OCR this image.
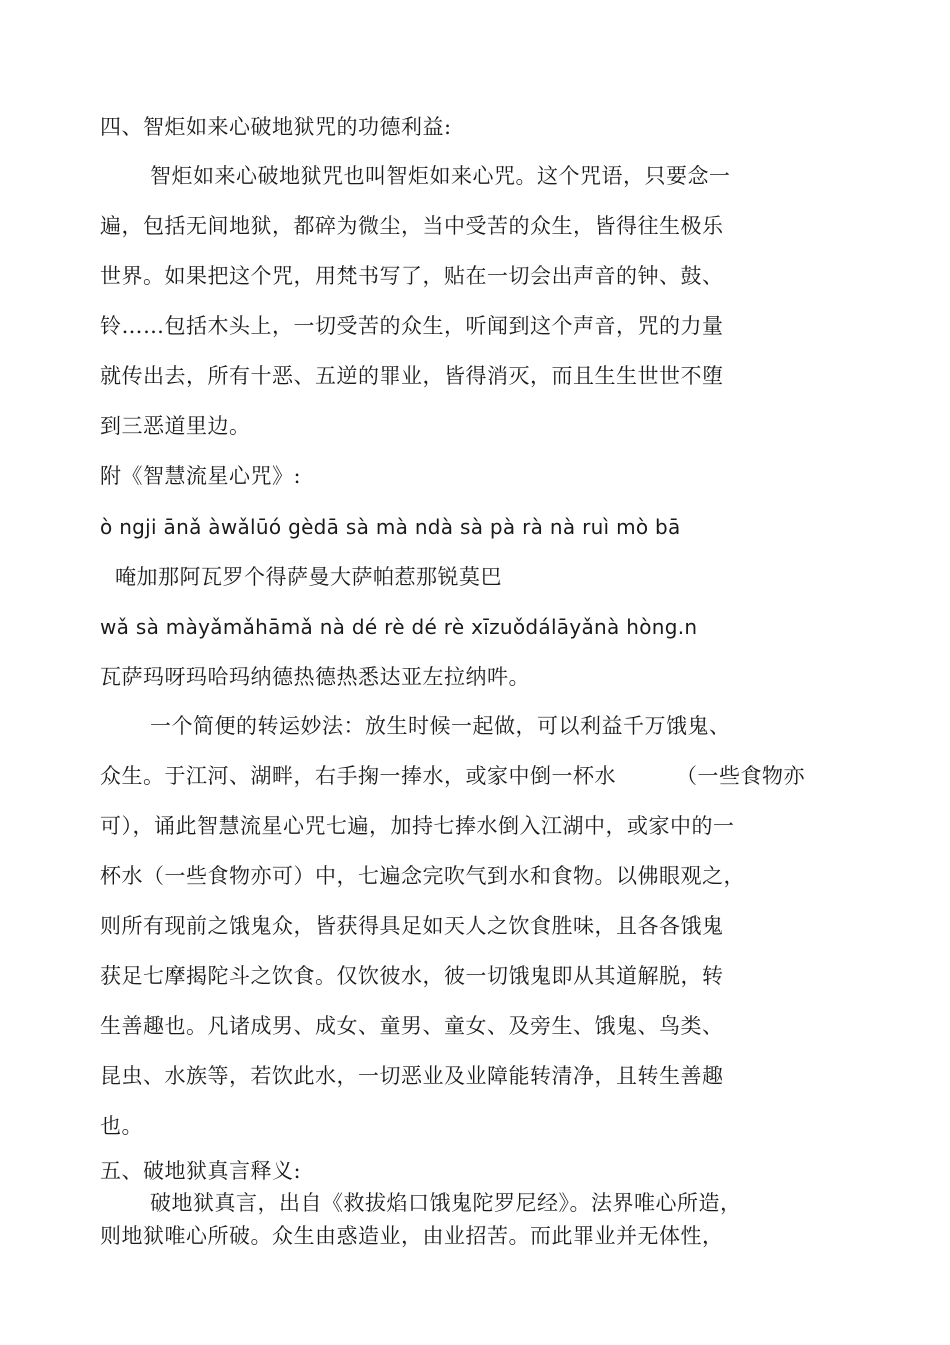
四、智炬如来心破地狱咒的功德利益:
智炬如来心破地狱咒也叫智炬如来心咒。这个咒语，只要念一
遍，包括无间地狱，都碎为微尘，当中受苦的众生，皆得往生极乐
世界。如果把这个咒，用梵书写了，贴在一切会出声音的钟、鼓、
铃……包括木头上，一切受苦的众生，听闻到这个声音，咒的力量
就传出去，所有十恶、五逆的罪业，皆得消灭，而且生生世世不堕
到三恶道里边。
附《智慧流星心咒》:
ò ngji ānǎ àwǎlūó gèdā sà mà ndà sà pà rà nà ruì mò bā
唵加那阿瓦罗个得萨曼大萨帕惹那锐莫巴
wǎ sà màyǎmǎhāmǎ nà dé rè dé rè xīzuǒdálāyǎnà hòng.n
瓦萨玛呀玛哈玛纳德热德热悉达亚左拉纳吽。
一个简便的转运妙法：放生时候一起做，可以利益千万饿鬼、
众生。于江河、湖畔，右手掬一捧水，或家中倒一杯水	（一些食物亦
可），诵此智慧流星心咒七遍，加持七捧水倒入江湖中，或家中的一
杯水（一些食物亦可）中，七遍念完吹气到水和食物。以佛眼观之，
则所有现前之饿鬼众，皆获得具足如天人之饮食胜味，且各各饿鬼
获足七摩揭陀斗之饮食。仅饮彼水，彼一切饿鬼即从其道解脱，转
生善趣也。凡诸成男、成女、童男、童女、及旁生、饿鬼、鸟类、
昆虫、水族等，若饮此水，一切恶业及业障能转清净，且转生善趣
也。
五、破地狱真言释义:
破地狱真言，出自《救拔焰口饿鬼陀罗尼经》。法界唯心所造，
则地狱唯心所破。众生由惑造业，由业招苦。而此罪业并无体性，
